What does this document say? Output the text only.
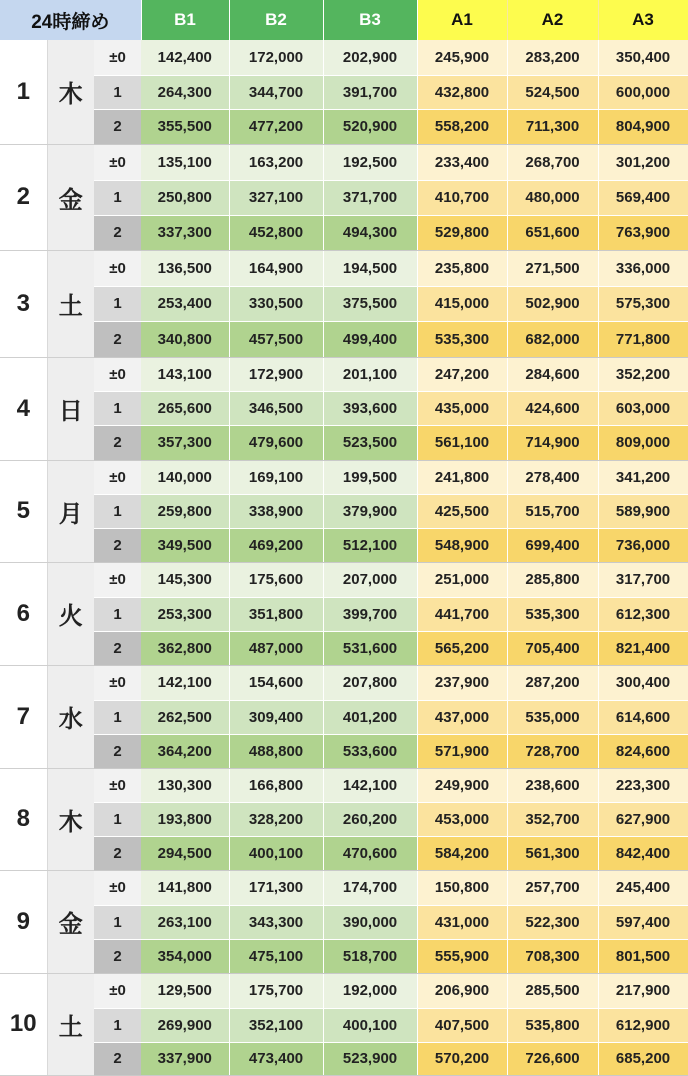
24時締め			B1	B2	B3	A1	A2	A3
1	木	±0	142,400	172,000	202,900	245,900	283,200	350,400
		1	264,300	344,700	391,700	432,800	524,500	600,000
		2	355,500	477,200	520,900	558,200	711,300	804,900
2	金	±0	135,100	163,200	192,500	233,400	268,700	301,200
		1	250,800	327,100	371,700	410,700	480,000	569,400
		2	337,300	452,800	494,300	529,800	651,600	763,900
3	土	±0	136,500	164,900	194,500	235,800	271,500	336,000
		1	253,400	330,500	375,500	415,000	502,900	575,300
		2	340,800	457,500	499,400	535,300	682,000	771,800
4	日	±0	143,100	172,900	201,100	247,200	284,600	352,200
		1	265,600	346,500	393,600	435,000	424,600	603,000
		2	357,300	479,600	523,500	561,100	714,900	809,000
5	月	±0	140,000	169,100	199,500	241,800	278,400	341,200
		1	259,800	338,900	379,900	425,500	515,700	589,900
		2	349,500	469,200	512,100	548,900	699,400	736,000
6	火	±0	145,300	175,600	207,000	251,000	285,800	317,700
		1	253,300	351,800	399,700	441,700	535,300	612,300
		2	362,800	487,000	531,600	565,200	705,400	821,400
7	水	±0	142,100	154,600	207,800	237,900	287,200	300,400
		1	262,500	309,400	401,200	437,000	535,000	614,600
		2	364,200	488,800	533,600	571,900	728,700	824,600
8	木	±0	130,300	166,800	142,100	249,900	238,600	223,300
		1	193,800	328,200	260,200	453,000	352,700	627,900
		2	294,500	400,100	470,600	584,200	561,300	842,400
9	金	±0	141,800	171,300	174,700	150,800	257,700	245,400
		1	263,100	343,300	390,000	431,000	522,300	597,400
		2	354,000	475,100	518,700	555,900	708,300	801,500
10	土	±0	129,500	175,700	192,000	206,900	285,500	217,900
		1	269,900	352,100	400,100	407,500	535,800	612,900
		2	337,900	473,400	523,900	570,200	726,600	685,200
